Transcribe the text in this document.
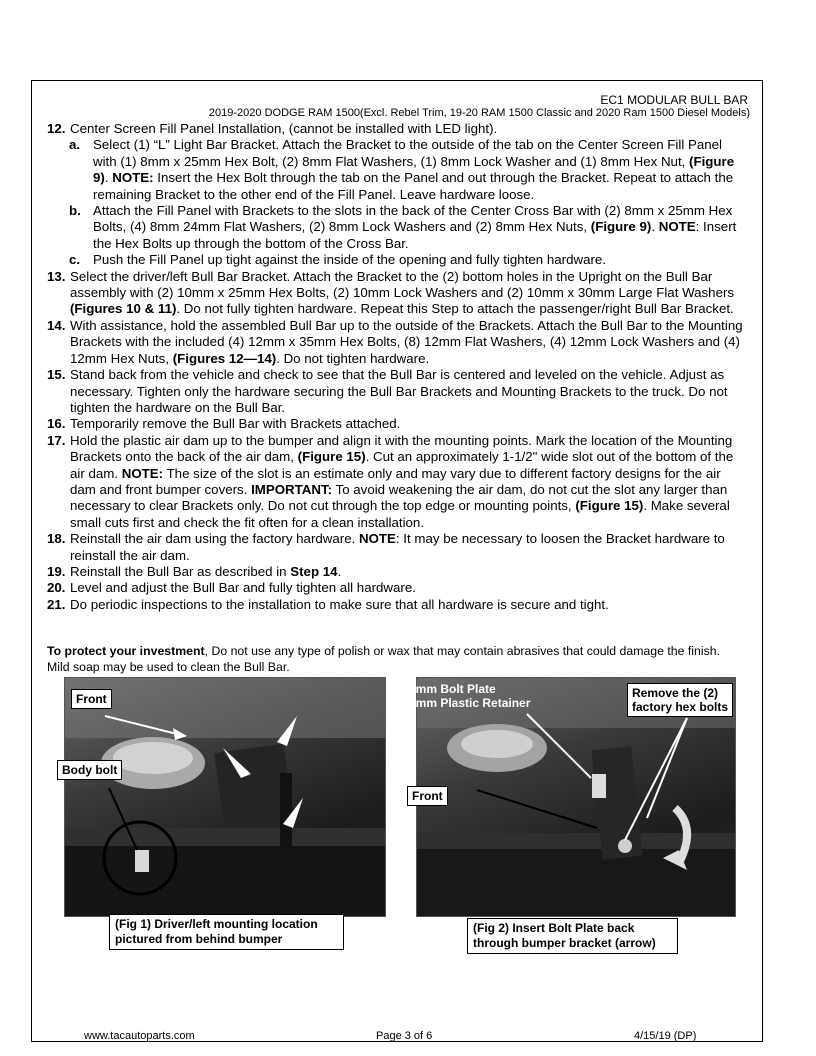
EC1 MODULAR BULL BAR
2019-2020 DODGE RAM 1500(Excl. Rebel Trim, 19-20 RAM 1500 Classic and 2020 Ram 1500 Diesel Models)
12. Center Screen Fill Panel Installation, (cannot be installed with LED light).
a. Select (1) “L” Light Bar Bracket. Attach the Bracket to the outside of the tab on the Center Screen Fill Panel with (1) 8mm x 25mm Hex Bolt, (2) 8mm Flat Washers, (1) 8mm Lock Washer and (1) 8mm Hex Nut, (Figure 9). NOTE: Insert the Hex Bolt through the tab on the Panel and out through the Bracket. Repeat to attach the remaining Bracket to the other end of the Fill Panel. Leave hardware loose.
b. Attach the Fill Panel with Brackets to the slots in the back of the Center Cross Bar with (2) 8mm x 25mm Hex Bolts, (4) 8mm 24mm Flat Washers, (2) 8mm Lock Washers and (2) 8mm Hex Nuts, (Figure 9). NOTE: Insert the Hex Bolts up through the bottom of the Cross Bar.
c. Push the Fill Panel up tight against the inside of the opening and fully tighten hardware.
13. Select the driver/left Bull Bar Bracket. Attach the Bracket to the (2) bottom holes in the Upright on the Bull Bar assembly with (2) 10mm x 25mm Hex Bolts, (2) 10mm Lock Washers and (2) 10mm x 30mm Large Flat Washers (Figures 10 & 11). Do not fully tighten hardware. Repeat this Step to attach the passenger/right Bull Bar Bracket.
14. With assistance, hold the assembled Bull Bar up to the outside of the Brackets. Attach the Bull Bar to the Mounting Brackets with the included (4) 12mm x 35mm Hex Bolts, (8) 12mm Flat Washers, (4) 12mm Lock Washers and (4) 12mm Hex Nuts, (Figures 12—14). Do not tighten hardware.
15. Stand back from the vehicle and check to see that the Bull Bar is centered and leveled on the vehicle. Adjust as necessary. Tighten only the hardware securing the Bull Bar Brackets and Mounting Brackets to the truck. Do not tighten the hardware on the Bull Bar.
16. Temporarily remove the Bull Bar with Brackets attached.
17. Hold the plastic air dam up to the bumper and align it with the mounting points. Mark the location of the Mounting Brackets onto the back of the air dam, (Figure 15). Cut an approximately 1-1/2" wide slot out of the bottom of the air dam. NOTE: The size of the slot is an estimate only and may vary due to different factory designs for the air dam and front bumper covers. IMPORTANT: To avoid weakening the air dam, do not cut the slot any larger than necessary to clear Brackets only. Do not cut through the top edge or mounting points, (Figure 15). Make several small cuts first and check the fit often for a clean installation.
18. Reinstall the air dam using the factory hardware. NOTE: It may be necessary to loosen the Bracket hardware to reinstall the air dam.
19. Reinstall the Bull Bar as described in Step 14.
20. Level and adjust the Bull Bar and fully tighten all hardware.
21. Do periodic inspections to the installation to make sure that all hardware is secure and tight.
To protect your investment, Do not use any type of polish or wax that may contain abrasives that could damage the finish. Mild soap may be used to clean the Bull Bar.
Front
Body bolt
(Fig 1) Driver/left mounting location
pictured from behind bumper
8mm Bolt Plate
8mm Plastic Retainer
Remove the (2)
factory hex bolts
Front
(Fig 2) Insert Bolt Plate back
through bumper bracket (arrow)
www.tacautoparts.com	Page 3 of 6	4/15/19 (DP)
